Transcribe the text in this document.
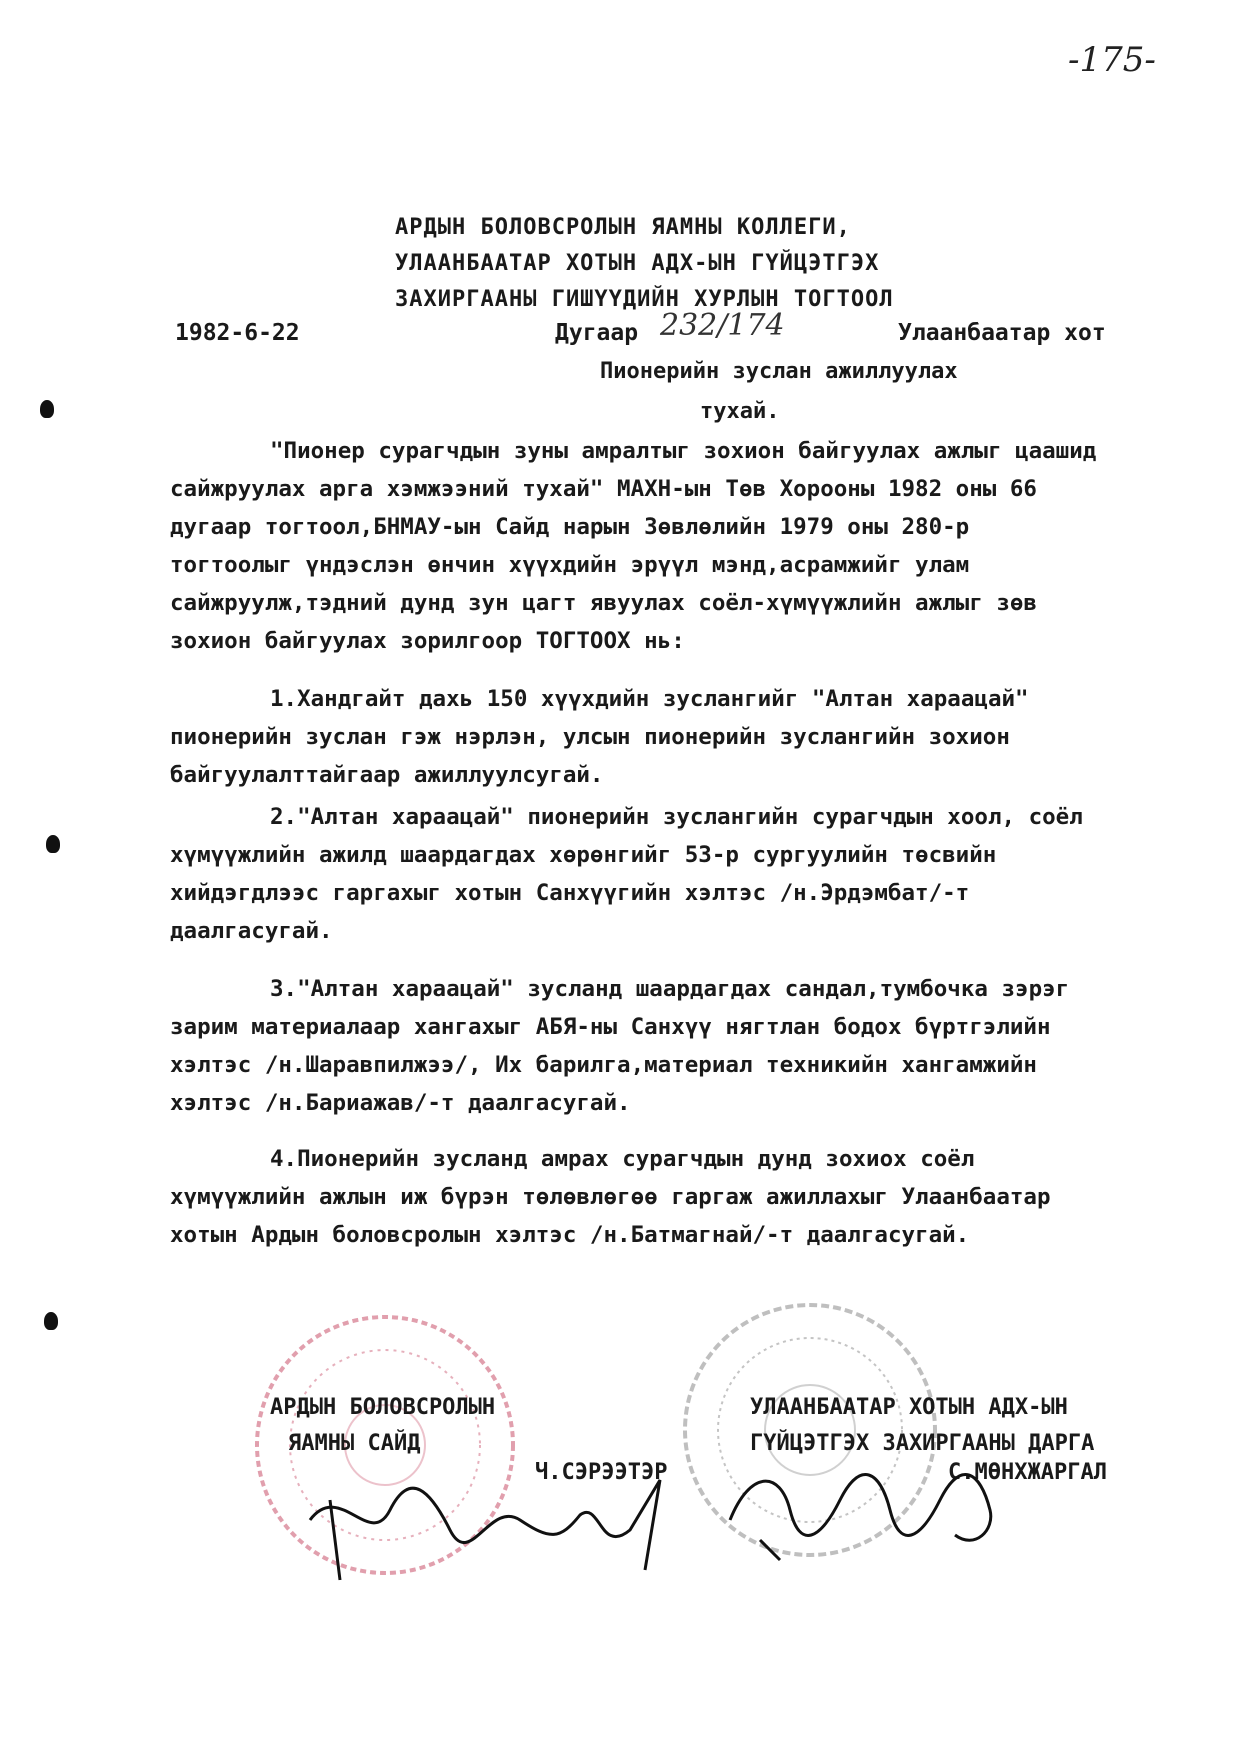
-175-
АРДЫН БОЛОВСРОЛЫН ЯАМНЫ КОЛЛЕГИ,
УЛААНБААТАР ХОТЫН АДХ-ЫН ГҮЙЦЭТГЭХ
ЗАХИРГААНЫ ГИШҮҮДИЙН ХУРЛЫН ТОГТООЛ
1982-6-22	Дугаар 232/174	Улаанбаатар хот
Пионерийн зуслан ажиллуулах
тухай.
"Пионер сурагчдын зуны амралтыг зохион байгуулах ажлыг цаашид сайжруулах арга хэмжээний тухай" МАХН-ын Төв Хорооны 1982 оны 66 дугаар тогтоол,БНМАУ-ын Сайд нарын Зөвлөлийн 1979 оны 280-р тогтоолыг үндэслэн өнчин хүүхдийн эрүүл мэнд,асрамжийг улам сайжруулж,тэдний дунд зун цагт явуулах соёл-хүмүүжлийн ажлыг зөв зохион байгуулах зорилгоор ТОГТООХ нь:
1.Хандгайт дахь 150 хүүхдийн зуслангийг "Алтан хараацай" пионерийн зуслан гэж нэрлэн, улсын пионерийн зуслангийн зохион байгуулалттайгаар ажиллуулсугай.
2."Алтан хараацай" пионерийн зуслангийн сурагчдын хоол, соёл хүмүүжлийн ажилд шаардагдах хөрөнгийг 53-р сургуулийн төсвийн хийдэгдлээс гаргахыг хотын Санхүүгийн хэлтэс /н.Эрдэмбат/-т даалгасугай.
3."Алтан хараацай" зусланд шаардагдах сандал,тумбочка зэрэг зарим материалаар хангахыг АБЯ-ны Санхүү нягтлан бодох бүртгэлийн хэлтэс /н.Шаравпилжээ/, Их барилга,материал техникийн хангамжийн хэлтэс /н.Бариажав/-т даалгасугай.
4.Пионерийн зусланд амрах сурагчдын дунд зохиох соёл хүмүүжлийн ажлын иж бүрэн төлөвлөгөө гаргаж ажиллахыг Улаанбаатар хотын Ардын боловсролын хэлтэс /н.Батмагнай/-т даалгасугай.
АРДЫН БОЛОВСРОЛЫН
ЯАМНЫ САЙД
Ч.СЭРЭЭТЭР
УЛААНБААТАР ХОТЫН АДХ-ЫН
ГҮЙЦЭТГЭХ ЗАХИРГААНЫ ДАРГА
С.МӨНХЖАРГАЛ
